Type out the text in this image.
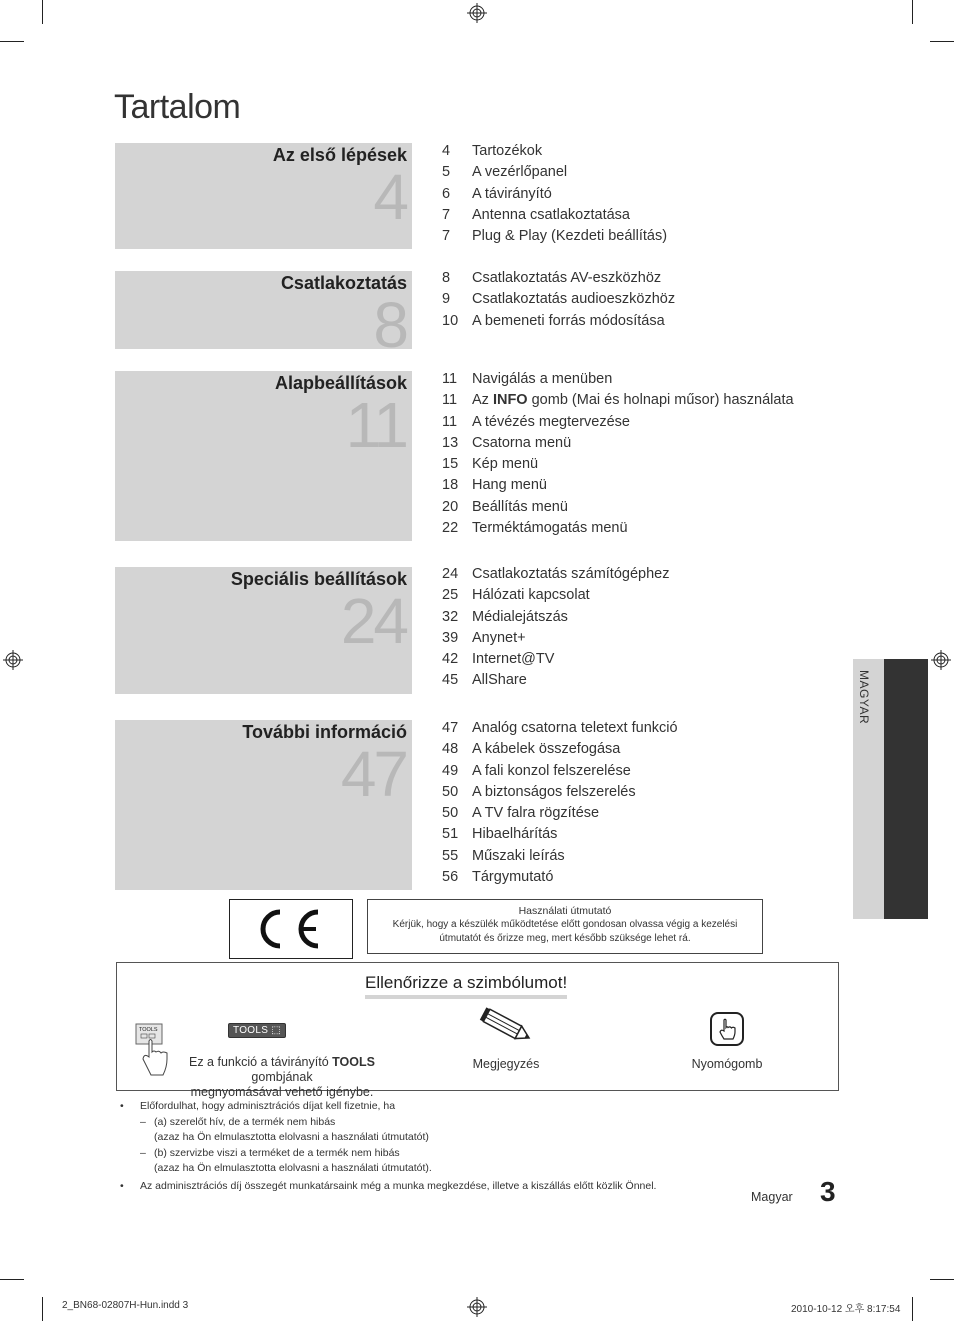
Tartalom
Az első lépések
4
4	Tartozékok
5	A vezérlőpanel
6	A távirányító
7	Antenna csatlakoztatása
7	Plug & Play (Kezdeti beállítás)
Csatlakoztatás
8
8	Csatlakoztatás AV-eszközhöz
9	Csatlakoztatás audioeszközhöz
10 A bemeneti forrás módosítása
Alapbeállítások
11
11	Navigálás a menüben
11	Az INFO gomb (Mai és holnapi műsor) használata
11	A tévézés megtervezése
13 Csatorna menü
15 Kép menü
18 Hang menü
20 Beállítás menü
22 Terméktámogatás menü
Speciális beállítások
24
24 Csatlakoztatás számítógéphez
25 Hálózati kapcsolat
32 Médialejátszás
39 Anynet+
42 Internet@TV
45 AllShare
További információ
47
47 Analóg csatorna teletext funkció
48 A kábelek összefogása
49 A fali konzol felszerelése
50 A biztonságos felszerelés
50 A TV falra rögzítése
51 Hibaelhárítás
55 Műszaki leírás
56 Tárgymutató
MAGYAR
Használati útmutató
Kérjük, hogy a készülék működtetése előtt gondosan olvassa végig a kezelési
útmutatót és őrizze meg, mert később szüksége lehet rá.
Ellenőrizze a szimbólumot!
TOOLS	TOOLS ⬚
Ez a funkció a távirányító TOOLS gombjának
megnyomásával vehető igénybe.
Megjegyzés	Nyomógomb
• Előfordulhat, hogy adminisztrációs díjat kell fizetnie, ha
– (a) szerelőt hív, de a termék nem hibás
(azaz ha Ön elmulasztotta elolvasni a használati útmutatót)
– (b) szervizbe viszi a terméket de a termék nem hibás
(azaz ha Ön elmulasztotta elolvasni a használati útmutatót).
• Az adminisztrációs díj összegét munkatársaink még a munka megkezdése, illetve a kiszállás előtt közlik Önnel.
Magyar 3
2_BN68-02807H-Hun.indd 3	2010-10-12 오후 8:17:54
